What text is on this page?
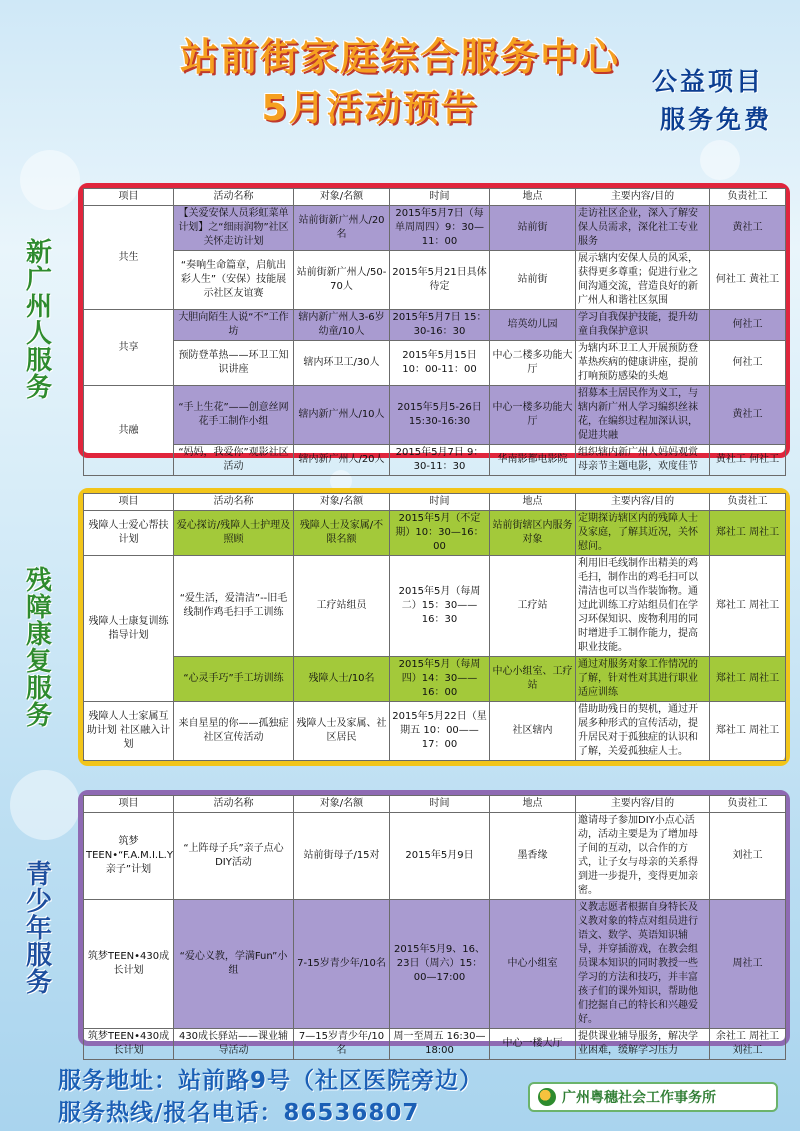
站前街家庭综合服务中心
5月活动预告
公益项目
服务免费
新广州人服务
项目	活动名称	对象/名额	时间	地点	主要内容/目的	负责社工
共生	【关爱安保人员彩虹菜单计划】之“细雨润物”社区关怀走访计划	站前街新广州人/20名	2015年5月7日（每单周周四）9：30—11：00	站前街	走访社区企业，深入了解安保人员需求，深化社工专业服务	黄社工
	“奏响生命篇章，启航出彩人生”（安保）技能展示社区友谊赛	站前街新广州人/50-70人	2015年5月21日具体待定	站前街	展示辖内安保人员的风采，获得更多尊重；促进行业之间沟通交流，营造良好的新广州人和谐社区氛围	何社工 黄社工
共享	大胆向陌生人说“不”工作坊	辖内新广州人3-6岁幼童/10人	2015年5月7日 15：30-16：30	培英幼儿园	学习自我保护技能，提升幼童自我保护意识	何社工
	预防登革热——环卫工知识讲座	辖内环卫工/30人	2015年5月15日 10：00-11：00	中心二楼多功能大厅	为辖内环卫工人开展预防登革热疾病的健康讲座，提前打响预防感染的头炮	何社工
共融	“手上生花”——创意丝网花手工制作小组	辖内新广州人/10人	2015年5月5-26日 15:30-16:30	中心一楼多功能大厅	招募本土居民作为义工，与辖内新广州人学习编织丝袜花，在编织过程加深认识，促进共融	黄社工
	“妈妈，我爱你”观影社区活动	辖内新广州人/20人	2015年5月7日 9：30-11：30	华南影都电影院	组织辖内新广州人妈妈观赏母亲节主题电影，欢度佳节	黄社工 何社工
残障康复服务
项目	活动名称	对象/名额	时间	地点	主要内容/目的	负责社工
残障人士爱心帮扶计划	爱心探访/残障人士护理及照顾	残障人士及家属/不限名额	2015年5月（不定期）10：30—16：00	站前街辖区内服务对象	定期探访辖区内的残障人士及家庭，了解其近况，关怀慰问。	郑社工 周社工
残障人士康复训练指导计划	“爱生活，爱清洁”--旧毛线制作鸡毛扫手工训练	工疗站组员	2015年5月（每周二）15：30——16：30	工疗站	利用旧毛线制作出精美的鸡毛扫，制作出的鸡毛扫可以清洁也可以当作装饰物。通过此训练工疗站组员们在学习环保知识、废物利用的同时增进手工制作能力，提高职业技能。	郑社工 周社工
	“心灵手巧”手工坊训练	残障人士/10名	2015年5月（每周四）14：30——16：00	中心小组室、工疗站	通过对服务对象工作情况的了解，针对性对其进行职业适应训练	郑社工 周社工
残障人人士家属互助计划 社区融入计划	来自星星的你——孤独症社区宣传活动	残障人士及家属、社区居民	2015年5月22日（星期五 10：00——17：00	社区辖内	借助助残日的契机，通过开展多种形式的宣传活动，提升居民对于孤独症的认识和了解，关爱孤独症人士。	郑社工 周社工
青少年服务
项目	活动名称	对象/名额	时间	地点	主要内容/目的	负责社工
筑梦 TEEN•“F.A.M.I.L.Y亲子”计划	“上阵母子兵”亲子点心DIY活动	站前街母子/15对	2015年5月9日	墨香缘	邀请母子参加DIY小点心活动，活动主要是为了增加母子间的互动，以合作的方式，让子女与母亲的关系得到进一步提升，变得更加亲密。	刘社工
筑梦TEEN•430成长计划	“爱心义教，学满Fun”小组	7-15岁青少年/10名	2015年5月9、16、23日（周六）15：00—17:00	中心小组室	义教志愿者根据自身特长及义教对象的特点对组员进行语文、数学、英语知识辅导，并穿插游戏，在教会组员课本知识的同时教授一些学习的方法和技巧，并丰富孩子们的课外知识，帮助他们挖掘自己的特长和兴趣爱好。	周社工
筑梦TEEN•430成长计划	430成长驿站——课业辅导活动	7—15岁青少年/10名	周一至周五 16:30—18:00	中心一楼大厅	提供课业辅导服务，解决学业困难，缓解学习压力	余社工 周社工 刘社工
服务地址：站前路9号（社区医院旁边）
服务热线/报名电话：86536807
广州粤穗社会工作事务所
